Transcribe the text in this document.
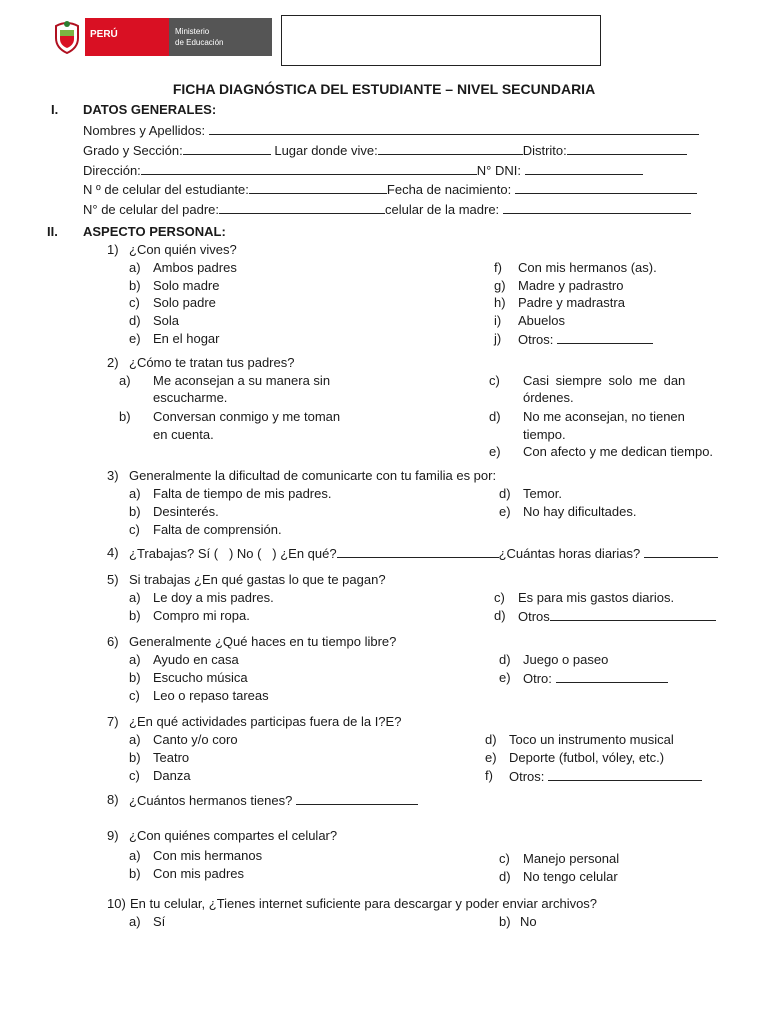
PERÚ	Ministerio
de Educación
FICHA DIAGNÓSTICA DEL ESTUDIANTE – NIVEL SECUNDARIA
I. DATOS GENERALES:
Nombres y Apellidos:
Grado y Sección:	Lugar donde vive:	Distrito:
Dirección:	N° DNI:
N º de celular del estudiante:	Fecha de nacimiento:
N° de celular del padre:	celular de la madre:
II. ASPECTO PERSONAL:
1) ¿Con quién vives?
a) Ambos padres
b) Solo madre
c) Solo padre
d) Sola
e) En el hogar
f) Con mis hermanos (as).
g) Madre y padrastro
h) Padre y madrastra
i) Abuelos
j) Otros:
2) ¿Cómo te tratan tus padres?
a) Me aconsejan a su manera sin
escucharme.
b) Conversan conmigo y me toman
en cuenta.
c) Casi siempre solo me dan
órdenes.
d) No me aconsejan, no tienen
tiempo.
e) Con afecto y me dedican tiempo.
3) Generalmente la dificultad de comunicarte con tu familia es por:
a) Falta de tiempo de mis padres.
b) Desinterés.
c) Falta de comprensión.
d) Temor.
e) No hay dificultades.
4) ¿Trabajas? Sí (   ) No (   ) ¿En qué?	¿Cuántas horas diarias?
5) Si trabajas ¿En qué gastas lo que te pagan?
a) Le doy a mis padres.
b) Compro mi ropa.
c) Es para mis gastos diarios.
d) Otros
6) Generalmente ¿Qué haces en tu tiempo libre?
a) Ayudo en casa
b) Escucho música
c) Leo o repaso tareas
d) Juego o paseo
e) Otro:
7) ¿En qué actividades participas fuera de la I?E?
a) Canto y/o coro
b) Teatro
c) Danza
d) Toco un instrumento musical
e) Deporte (futbol, vóley, etc.)
f) Otros:
8) ¿Cuántos hermanos tienes?
9) ¿Con quiénes compartes el celular?
a) Con mis hermanos
b) Con mis padres
c) Manejo personal
d) No tengo celular
10) En tu celular, ¿Tienes internet suficiente para descargar y poder enviar archivos?
a) Sí	b) No
